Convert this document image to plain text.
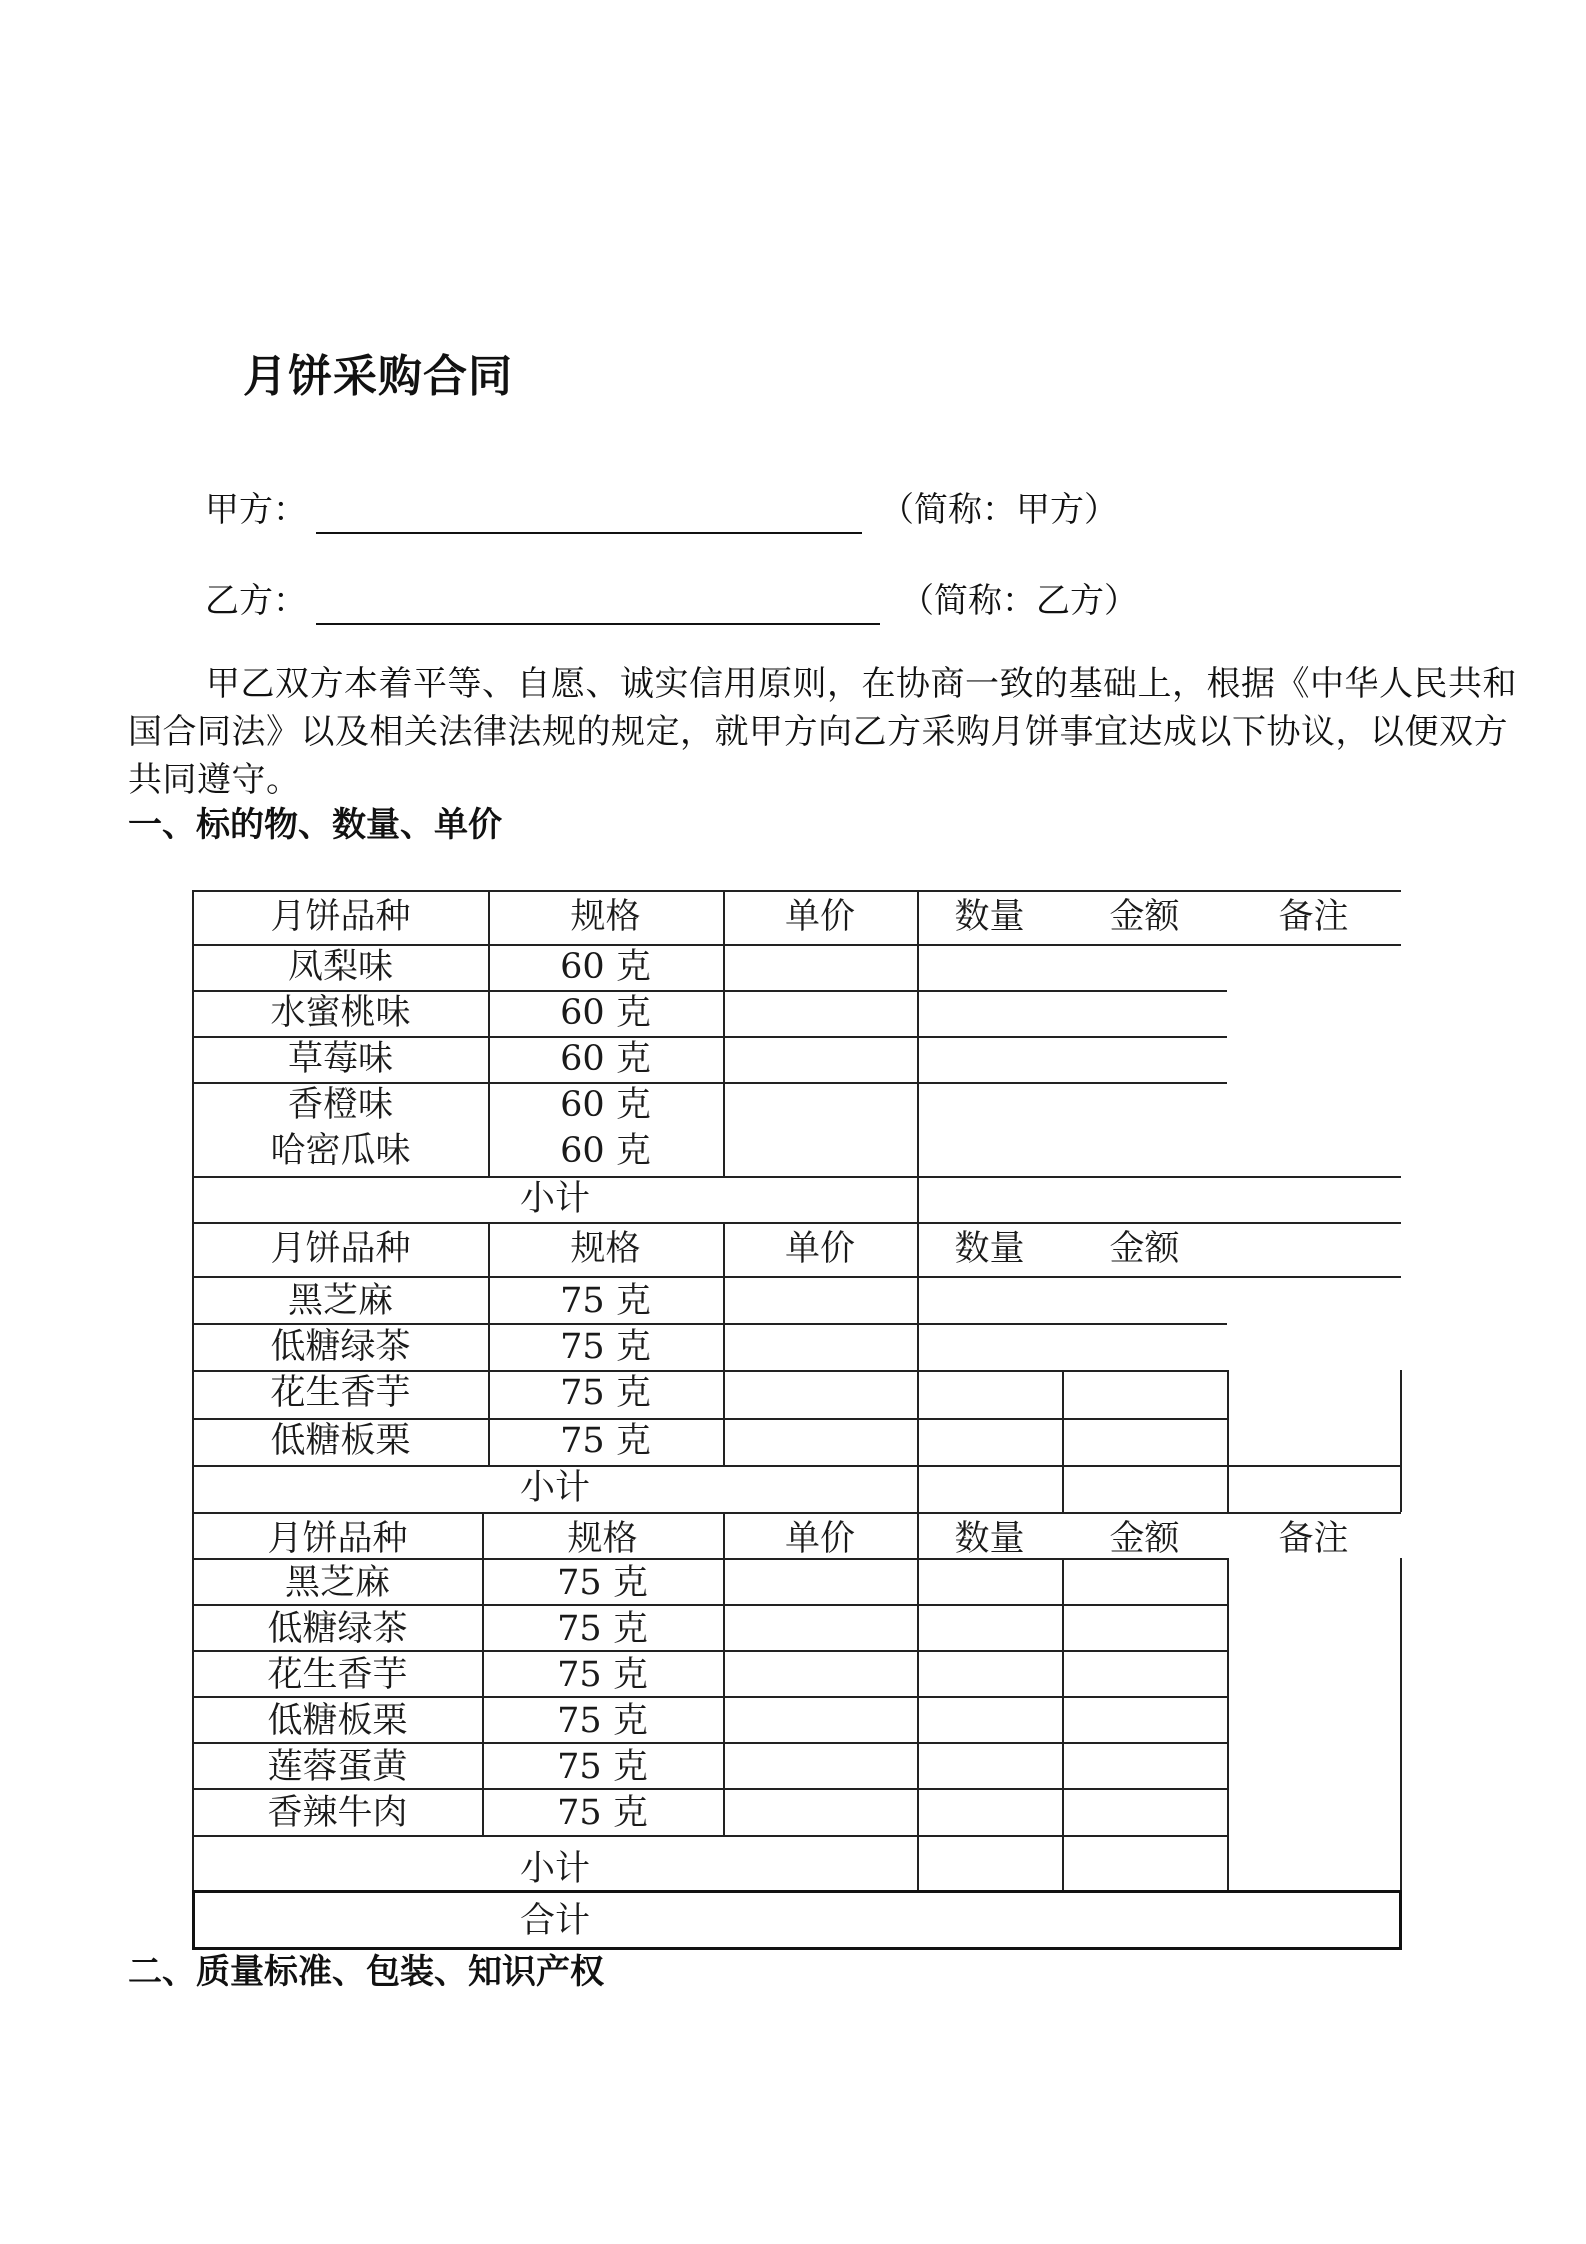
月饼采购合同
甲方：	（简称：甲方）
乙方：	（简称：乙方）
甲乙双方本着平等、自愿、诚实信用原则，在协商一致的基础上，根据《中华人民共和国合同法》以及相关法律法规的规定，就甲方向乙方采购月饼事宜达成以下协议，以便双方共同遵守。
一、标的物、数量、单价
月饼品种	规格	单价	数量	金额	备注
凤梨味	60 克
水蜜桃味	60 克
草莓味	60 克
香橙味	60 克
哈密瓜味	60 克
小计
月饼品种	规格	单价	数量	金额
黑芝麻	75 克
低糖绿茶	75 克
花生香芋	75 克
低糖板栗	75 克
小计
月饼品种	规格	单价	数量	金额	备注
黑芝麻	75 克
低糖绿茶	75 克
花生香芋	75 克
低糖板栗	75 克
莲蓉蛋黄	75 克
香辣牛肉	75 克
小计
合计
二、质量标准、包装、知识产权
